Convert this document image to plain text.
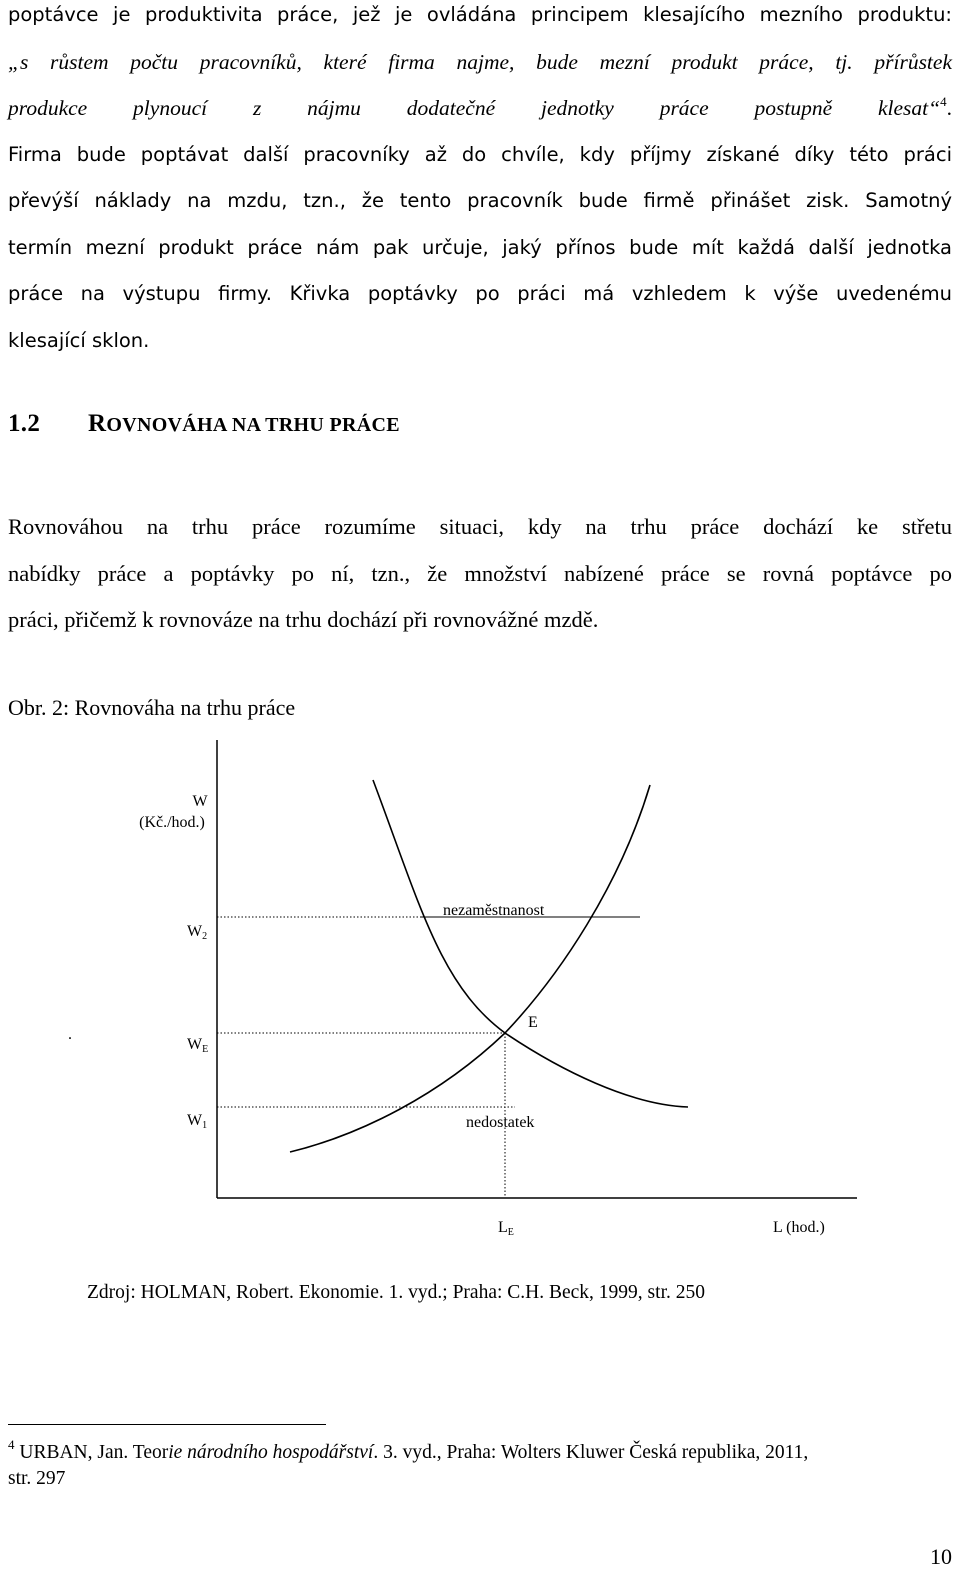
poptávce je produktivita práce, jež je ovládána principem klesajícího mezního produktu:
„s růstem počtu pracovníků, které firma najme, bude mezní produkt práce, tj. přírůstek
produkce plynoucí z nájmu dodatečné jednotky práce postupně klesat“$^4$.
Firma bude poptávat další pracovníky až do chvíle, kdy příjmy získané díky této práci
převýší náklady na mzdu, tzn., že tento pracovník bude firmě přinášet zisk. Samotný
termín mezní produkt práce nám pak určuje, jaký přínos bude mít každá další jednotka
práce na výstupu firmy. Křivka poptávky po práci má vzhledem k výše uvedenému
klesající sklon.
1.2 ROVNOVÁHA NA TRHU PRÁCE
Rovnováhou na trhu práce rozumíme situaci, kdy na trhu práce dochází ke střetu
nabídky práce a poptávky po ní, tzn., že množství nabízené práce se rovná poptávce po
práci, přičemž k rovnováze na trhu dochází při rovnovážné mzdě.
Obr. 2: Rovnováha na trhu práce
W
(Kč./hod.)
W2
WE
W1
.
nezaměstnanost
E
nedostatek
LE	L (hod.)
Zdroj: HOLMAN, Robert. Ekonomie. 1. vyd.; Praha: C.H. Beck, 1999, str. 250
$^4$ URBAN, Jan. Teorie národního hospodářství. 3. vyd., Praha: Wolters Kluwer Česká republika, 2011,
str. 297
10
